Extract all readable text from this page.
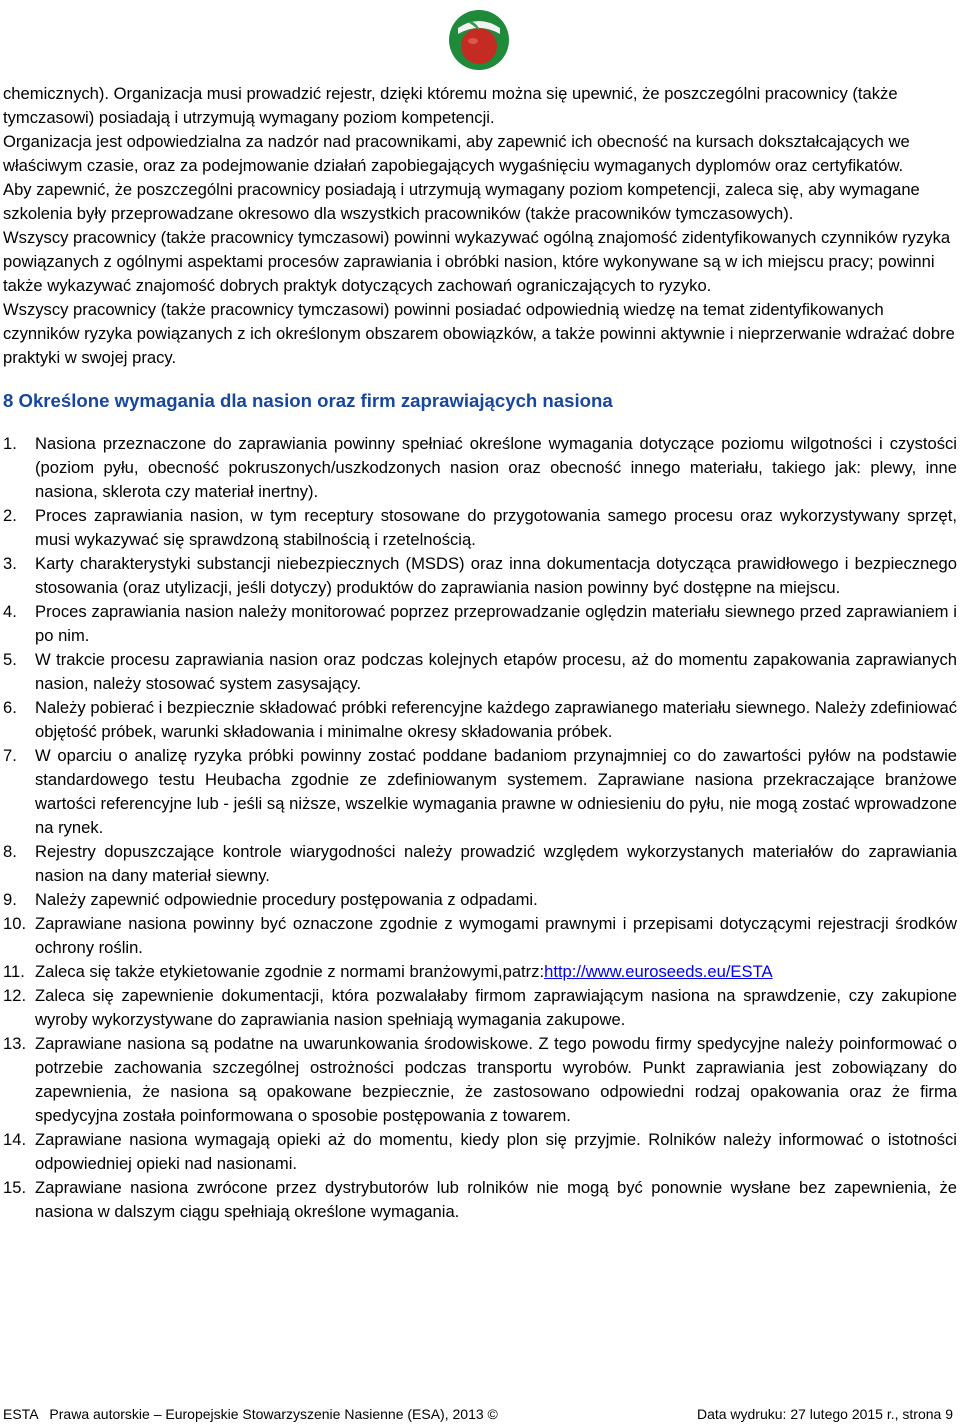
chemicznych). Organizacja musi prowadzić rejestr, dzięki któremu można się upewnić, że poszczególni pracownicy (także tymczasowi) posiadają i utrzymują wymagany poziom kompetencji.

Organizacja jest odpowiedzialna za nadzór nad pracownikami, aby zapewnić ich obecność na kursach dokształcających we właściwym czasie, oraz za podejmowanie działań zapobiegających wygaśnięciu wymaganych dyplomów oraz certyfikatów.

Aby zapewnić, że poszczególni pracownicy posiadają i utrzymują wymagany poziom kompetencji, zaleca się, aby wymagane szkolenia były przeprowadzane okresowo dla wszystkich pracowników (także pracowników tymczasowych).

Wszyscy pracownicy (także pracownicy tymczasowi) powinni wykazywać ogólną znajomość zidentyfikowanych czynników ryzyka powiązanych z ogólnymi aspektami procesów zaprawiania i obróbki nasion, które wykonywane są w ich miejscu pracy; powinni także wykazywać znajomość dobrych praktyk dotyczących zachowań ograniczających to ryzyko.

Wszyscy pracownicy (także pracownicy tymczasowi) powinni posiadać odpowiednią wiedzę na temat zidentyfikowanych czynników ryzyka powiązanych z ich określonym obszarem obowiązków, a także powinni aktywnie i nieprzerwanie wdrażać dobre praktyki w swojej pracy.

8 Określone wymagania dla nasion oraz firm zaprawiających nasiona
1. Nasiona przeznaczone do zaprawiania powinny spełniać określone wymagania dotyczące poziomu wilgotności i czystości (poziom pyłu, obecność pokruszonych/uszkodzonych nasion oraz obecność innego materiału, takiego jak: plewy, inne nasiona, sklerota czy materiał inertny).
2. Proces zaprawiania nasion, w tym receptury stosowane do przygotowania samego procesu oraz wykorzystywany sprzęt, musi wykazywać się sprawdzoną stabilnością i rzetelnością.
3. Karty charakterystyki substancji niebezpiecznych (MSDS) oraz inna dokumentacja dotycząca prawidłowego i bezpiecznego stosowania (oraz utylizacji, jeśli dotyczy) produktów do zaprawiania nasion powinny być dostępne na miejscu.
4. Proces zaprawiania nasion należy monitorować poprzez przeprowadzanie oględzin materiału siewnego przed zaprawianiem i po nim.
5. W trakcie procesu zaprawiania nasion oraz podczas kolejnych etapów procesu, aż do momentu zapakowania zaprawianych nasion, należy stosować system zasysający.
6. Należy pobierać i bezpiecznie składować próbki referencyjne każdego zaprawianego materiału siewnego. Należy zdefiniować objętość próbek, warunki składowania i minimalne okresy składowania próbek.
7. W oparciu o analizę ryzyka próbki powinny zostać poddane badaniom przynajmniej co do zawartości pyłów na podstawie standardowego testu Heubacha zgodnie ze zdefiniowanym systemem. Zaprawiane nasiona przekraczające branżowe wartości referencyjne lub - jeśli są niższe, wszelkie wymagania prawne w odniesieniu do pyłu, nie mogą zostać wprowadzone na rynek.
8. Rejestry dopuszczające kontrole wiarygodności należy prowadzić względem wykorzystanych materiałów do zaprawiania nasion na dany materiał siewny.
9. Należy zapewnić odpowiednie procedury postępowania z odpadami.
10. Zaprawiane nasiona powinny być oznaczone zgodnie z wymogami prawnymi i przepisami dotyczącymi rejestracji środków ochrony roślin.
11. Zaleca się także etykietowanie zgodnie z normami branżowymi,patrz:http://www.euroseeds.eu/ESTA
12. Zaleca się zapewnienie dokumentacji, która pozwalałaby firmom zaprawiającym nasiona na sprawdzenie, czy zakupione wyroby wykorzystywane do zaprawiania nasion spełniają wymagania zakupowe.
13. Zaprawiane nasiona są podatne na uwarunkowania środowiskowe. Z tego powodu firmy spedycyjne należy poinformować o potrzebie zachowania szczególnej ostrożności podczas transportu wyrobów. Punkt zaprawiania jest zobowiązany do zapewnienia, że nasiona są opakowane bezpiecznie, że zastosowano odpowiedni rodzaj opakowania oraz że firma spedycyjna została poinformowana o sposobie postępowania z towarem.
14. Zaprawiane nasiona wymagają opieki aż do momentu, kiedy plon się przyjmie. Rolników należy informować o istotności odpowiedniej opieki nad nasionami.
15. Zaprawiane nasiona zwrócone przez dystrybutorów lub rolników nie mogą być ponownie wysłane bez zapewnienia, że nasiona w dalszym ciągu spełniają określone wymagania.
ESTA   Prawa autorskie – Europejskie Stowarzyszenie Nasienne (ESA), 2013 ©	Data wydruku: 27 lutego 2015 r., strona 9
